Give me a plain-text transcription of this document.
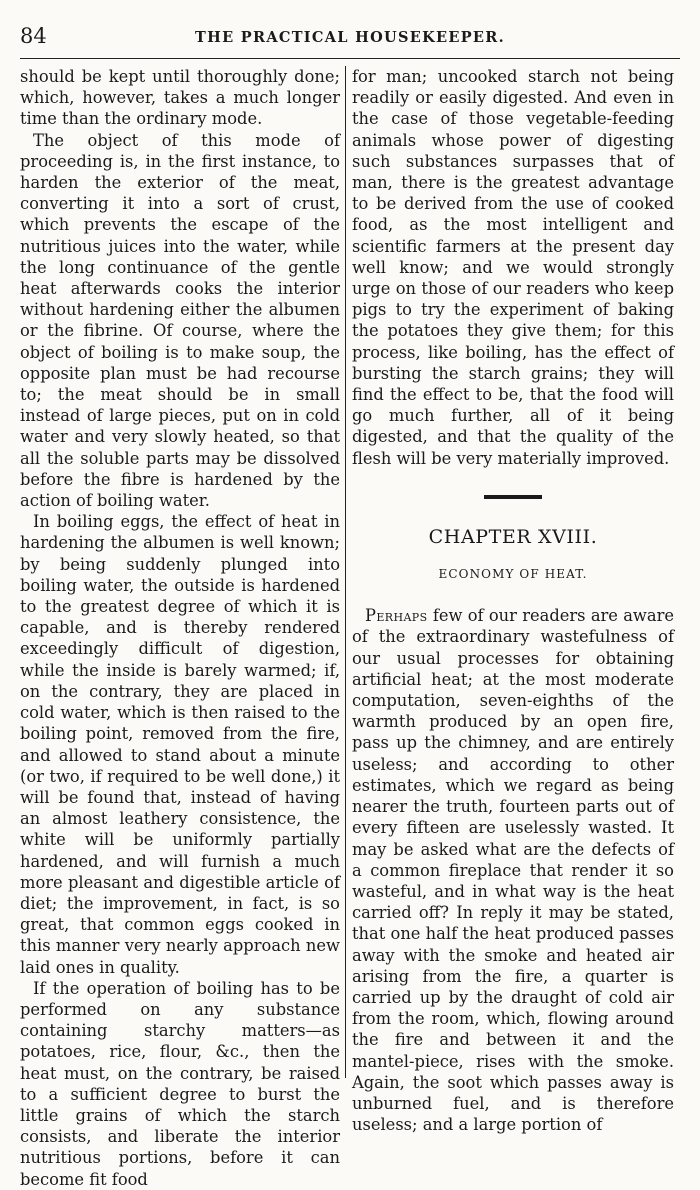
84	THE PRACTICAL HOUSEKEEPER.

should be kept until thoroughly done; which, however, takes a much longer time than the ordinary mode.

The object of this mode of proceeding is, in the first instance, to harden the exterior of the meat, converting it into a sort of crust, which prevents the escape of the nutritious juices into the water, while the long continuance of the gentle heat afterwards cooks the interior without hardening either the albumen or the fibrine. Of course, where the object of boiling is to make soup, the opposite plan must be had recourse to; the meat should be in small instead of large pieces, put on in cold water and very slowly heated, so that all the soluble parts may be dissolved before the fibre is hardened by the action of boiling water.

In boiling eggs, the effect of heat in hardening the albumen is well known; by being suddenly plunged into boiling water, the outside is hardened to the greatest degree of which it is capable, and is thereby rendered exceedingly difficult of digestion, while the inside is barely warmed; if, on the contrary, they are placed in cold water, which is then raised to the boiling point, removed from the fire, and allowed to stand about a minute (or two, if required to be well done,) it will be found that, instead of having an almost leathery consistence, the white will be uniformly partially hardened, and will furnish a much more pleasant and digestible article of diet; the improvement, in fact, is so great, that common eggs cooked in this manner very nearly approach new laid ones in quality.

If the operation of boiling has to be performed on any substance containing starchy matters—as potatoes, rice, flour, &c., then the heat must, on the contrary, be raised to a sufficient degree to burst the little grains of which the starch consists, and liberate the interior nutritious portions, before it can become fit food

for man; uncooked starch not being readily or easily digested. And even in the case of those vegetable-feeding animals whose power of digesting such substances surpasses that of man, there is the greatest advantage to be derived from the use of cooked food, as the most intelligent and scientific farmers at the present day well know; and we would strongly urge on those of our readers who keep pigs to try the experiment of baking the potatoes they give them; for this process, like boiling, has the effect of bursting the starch grains; they will find the effect to be, that the food will go much further, all of it being digested, and that the quality of the flesh will be very materially improved.

CHAPTER XVIII.
ECONOMY OF HEAT.

Perhaps few of our readers are aware of the extraordinary wastefulness of our usual processes for obtaining artificial heat; at the most moderate computation, seven-eighths of the warmth produced by an open fire, pass up the chimney, and are entirely useless; and according to other estimates, which we regard as being nearer the truth, fourteen parts out of every fifteen are uselessly wasted. It may be asked what are the defects of a common fireplace that render it so wasteful, and in what way is the heat carried off? In reply it may be stated, that one half the heat produced passes away with the smoke and heated air arising from the fire, a quarter is carried up by the draught of cold air from the room, which, flowing around the fire and between it and the mantel-piece, rises with the smoke. Again, the soot which passes away is unburned fuel, and is therefore useless; and a large portion of
